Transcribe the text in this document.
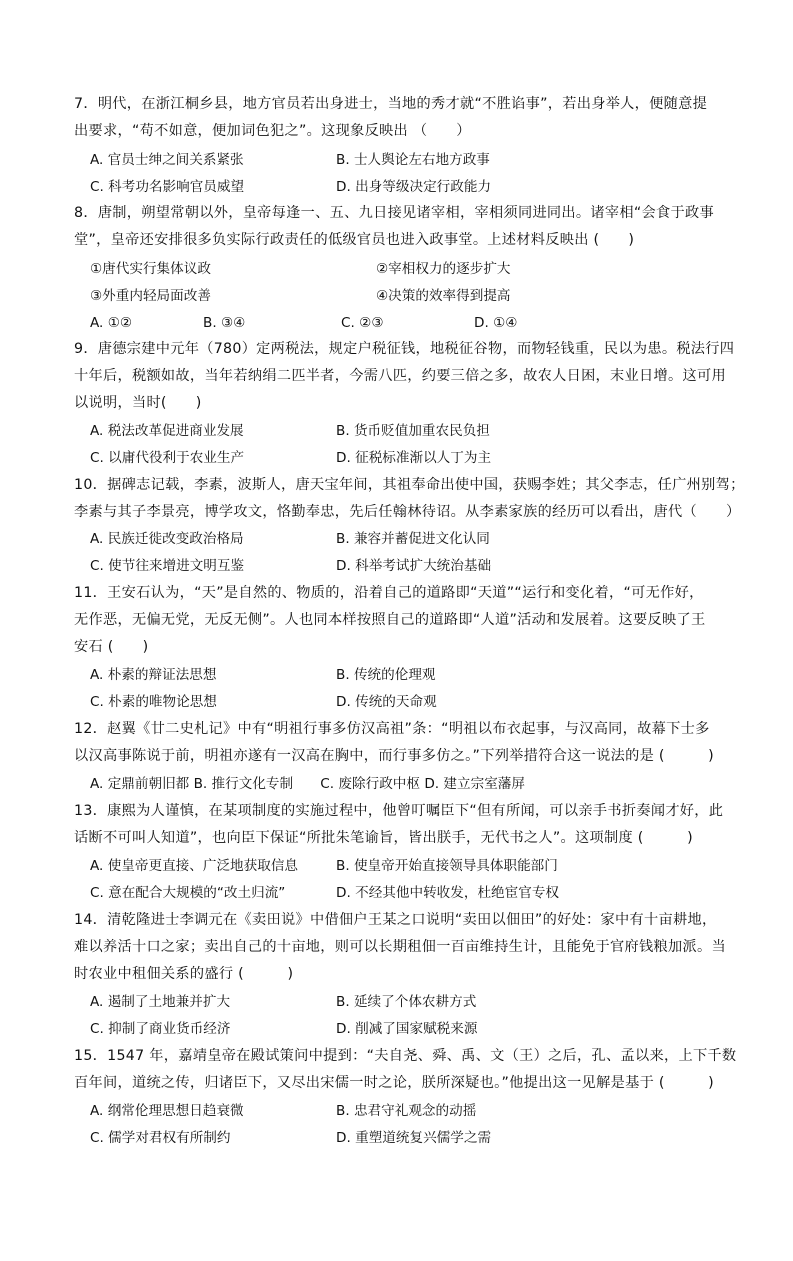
7．明代，在浙江桐乡县，地方官员若出身进士，当地的秀才就“不胜谄事”，若出身举人，便随意提
出要求，“苟不如意，便加词色犯之”。这现象反映出 （　　）
A. 官员士绅之间关系紧张	B. 士人舆论左右地方政事
C. 科考功名影响官员威望	D. 出身等级决定行政能力
8．唐制，朔望常朝以外，皇帝每逢一、五、九日接见诸宰相，宰相须同进同出。诸宰相“会食于政事
堂”，皇帝还安排很多负实际行政责任的低级官员也进入政事堂。上述材料反映出 (　　)
①唐代实行集体议政	②宰相权力的逐步扩大
③外重内轻局面改善	④决策的效率得到提高
A. ①②	B. ③④	C. ②③	D. ①④
9．唐德宗建中元年（780）定两税法，规定户税征钱，地税征谷物，而物轻钱重，民以为患。税法行四
十年后，税额如故，当年若纳绢二匹半者，今需八匹，约要三倍之多，故农人日困，末业日增。这可用
以说明，当时(　　)
A. 税法改革促进商业发展	B. 货币贬值加重农民负担
C. 以庸代役利于农业生产	D. 征税标准渐以人丁为主
10．据碑志记载，李素，波斯人，唐天宝年间，其祖奉命出使中国，获赐李姓；其父李志，任广州别驾；
李素与其子李景亮，博学攻文，恪勤奉忠，先后任翰林待诏。从李素家族的经历可以看出，唐代（　　）
A. 民族迁徙改变政治格局	B. 兼容并蓄促进文化认同
C. 使节往来增进文明互鉴	D. 科举考试扩大统治基础
11．王安石认为，“天”是自然的、物质的，沿着自己的道路即“天道”“运行和变化着，“可无作好，
无作恶，无偏无党，无反无侧”。人也同本样按照自己的道路即“人道”活动和发展着。这要反映了王
安石 (　　)
A. 朴素的辩证法思想	B. 传统的伦理观
C. 朴素的唯物论思想	D. 传统的天命观
12．赵翼《廿二史札记》中有“明祖行事多仿汉高祖”条：“明祖以布衣起事，与汉高同，故幕下士多
以汉高事陈说于前，明祖亦遂有一汉高在胸中，而行事多仿之。”下列举措符合这一说法的是 (　　　)
A. 定鼎前朝旧都 B. 推行文化专制　　C. 废除行政中枢 D. 建立宗室藩屏
13．康熙为人谨慎，在某项制度的实施过程中，他曾叮嘱臣下“但有所闻，可以亲手书折奏闻才好，此
话断不可叫人知道”，也向臣下保证“所批朱笔谕旨，皆出朕手，无代书之人”。这项制度 (　　　)
A. 使皇帝更直接、广泛地获取信息	B. 使皇帝开始直接领导具体职能部门
C. 意在配合大规模的“改土归流”	D. 不经其他中转收发，杜绝宦官专权
14．清乾隆进士李调元在《卖田说》中借佃户王某之口说明“卖田以佃田”的好处：家中有十亩耕地，
难以养活十口之家；卖出自己的十亩地，则可以长期租佃一百亩维持生计，且能免于官府钱粮加派。当
时农业中租佃关系的盛行 (　　　)
A. 遏制了土地兼并扩大	B. 延续了个体农耕方式
C. 抑制了商业货币经济	D. 削减了国家赋税来源
15．1547 年，嘉靖皇帝在殿试策问中提到：“夫自尧、舜、禹、文（王）之后，孔、孟以来，上下千数
百年间，道统之传，归诸臣下，又尽出宋儒一时之论，朕所深疑也。”他提出这一见解是基于 (　　　)
A. 纲常伦理思想日趋衰微	B. 忠君守礼观念的动摇
C. 儒学对君权有所制约	D. 重塑道统复兴儒学之需
